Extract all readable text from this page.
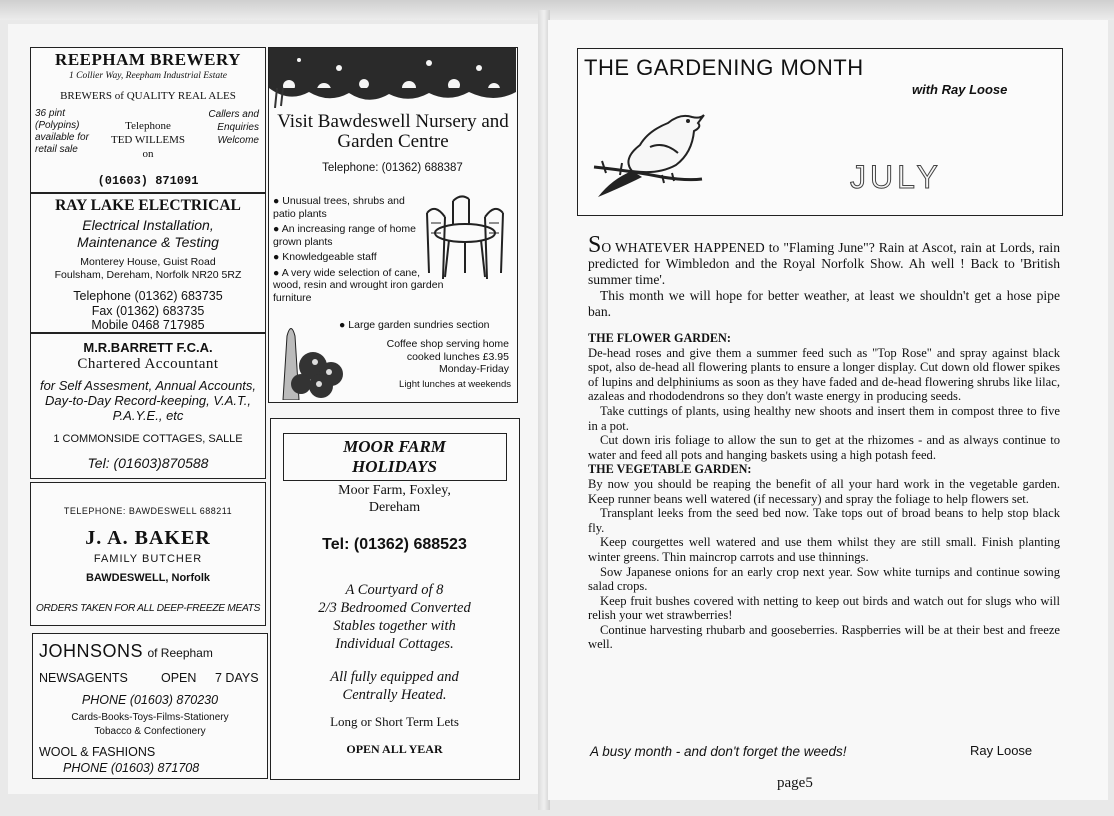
REEPHAM BREWERY
1 Collier Way, Reepham Industrial Estate
BREWERS of QUALITY REAL ALES
36 pint (Polypins) available for retail sale
Telephone
TED WILLEMS
on
Callers and Enquiries Welcome
(01603) 871091
RAY LAKE ELECTRICAL
Electrical Installation,
Maintenance & Testing
Monterey House, Guist Road
Foulsham, Dereham, Norfolk NR20 5RZ
Telephone (01362) 683735
Fax (01362) 683735
Mobile 0468 717985
M.R.BARRETT F.C.A.
Chartered Accountant
for Self Assesment, Annual Accounts, Day-to-Day Record-keeping, V.A.T., P.A.Y.E., etc
1 COMMONSIDE COTTAGES, SALLE
Tel: (01603)870588
TELEPHONE: BAWDESWELL 688211
J. A. BAKER
FAMILY BUTCHER
BAWDESWELL, Norfolk
ORDERS TAKEN FOR ALL DEEP-FREEZE MEATS
JOHNSONS of Reepham
NEWSAGENTS	OPEN 7 DAYS
PHONE (01603) 870230
Cards-Books-Toys-Films-Stationery
Tobacco & Confectionery
WOOL & FASHIONS
PHONE (01603) 871708
Visit Bawdeswell Nursery and Garden Centre
Telephone: (01362) 688387
● Unusual trees, shrubs and patio plants
● An increasing range of home grown plants
● Knowledgeable staff
● A very wide selection of cane, wood, resin and wrought iron garden furniture
● Large garden sundries section
Coffee shop serving home cooked lunches £3.95 Monday-Friday
Light lunches at weekends
MOOR FARM
HOLIDAYS
Moor Farm, Foxley,
Dereham
Tel: (01362) 688523
A Courtyard of 8
2/3 Bedroomed Converted
Stables together with
Individual Cottages.
All fully equipped and
Centrally Heated.
Long or Short Term Lets
OPEN ALL YEAR
THE GARDENING MONTH
with Ray Loose
JULY

SO WHATEVER HAPPENED to "Flaming June"? Rain at Ascot, rain at Lords, rain predicted for Wimbledon and the Royal Norfolk Show. Ah well ! Back to 'British summer time'.

This month we will hope for better weather, at least we shouldn't get a hose pipe ban.

THE FLOWER GARDEN:

De-head roses and give them a summer feed such as "Top Rose" and spray against black spot, also de-head all flowering plants to ensure a longer display. Cut down old flower spikes of lupins and delphiniums as soon as they have faded and de-head flowering shrubs like lilac, azaleas and rhododendrons so they don't waste energy in producing seeds.

Take cuttings of plants, using healthy new shoots and insert them in compost three to five in a pot.

Cut down iris foliage to allow the sun to get at the rhizomes - and as always continue to water and feed all pots and hanging baskets using a high potash feed.

THE VEGETABLE GARDEN:

By now you should be reaping the benefit of all your hard work in the vegetable garden. Keep runner beans well watered (if necessary) and spray the foliage to help flowers set.

Transplant leeks from the seed bed now. Take tops out of broad beans to help stop black fly.

Keep courgettes well watered and use them whilst they are still small. Finish planting winter greens. Thin maincrop carrots and use thinnings.

Sow Japanese onions for an early crop next year. Sow white turnips and continue sowing salad crops.

Keep fruit bushes covered with netting to keep out birds and watch out for slugs who will relish your wet strawberries!

Continue harvesting rhubarb and gooseberries. Raspberries will be at their best and freeze well.

A busy month - and don't forget the weeds!	Ray Loose
page5
